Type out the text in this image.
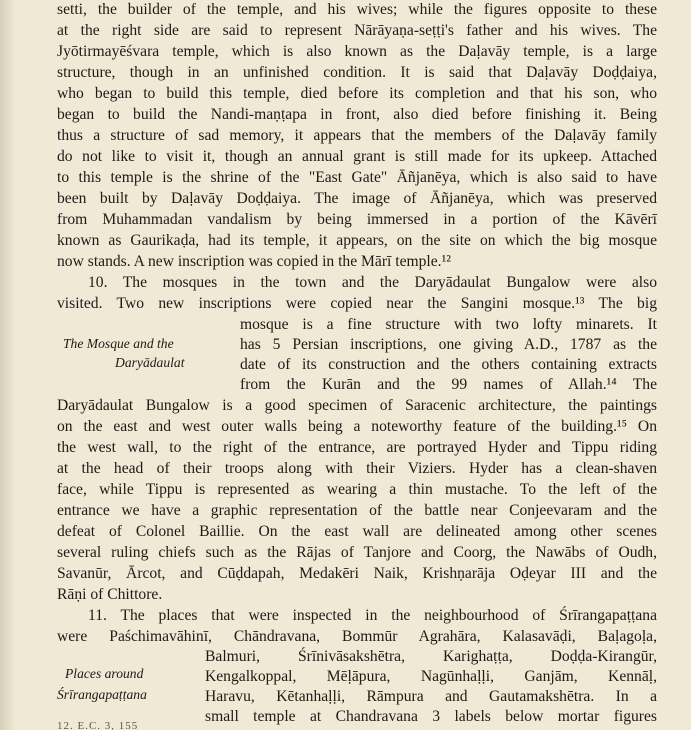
setti, the builder of the temple, and his wives; while the figures opposite to these
at the right side are said to represent Nārāyaṇa-seṭṭi's father and his wives. The
Jyōtirmayēśvara temple, which is also known as the Daḷavāy temple, is a large
structure, though in an unfinished condition. It is said that Daḷavāy Doḍḍaiya,
who began to build this temple, died before its completion and that his son, who
began to build the Nandi-maṇṭapa in front, also died before finishing it. Being
thus a structure of sad memory, it appears that the members of the Daḷavāy family
do not like to visit it, though an annual grant is still made for its upkeep. Attached
to this temple is the shrine of the "East Gate" Āñjanēya, which is also said to have
been built by Daḷavāy Doḍḍaiya. The image of Āñjanēya, which was preserved
from Muhammadan vandalism by being immersed in a portion of the Kāvērī
known as Gaurikaḍa, had its temple, it appears, on the site on which the big mosque
now stands. A new inscription was copied in the Mārī temple.¹²
10. The mosques in the town and the Daryādaulat Bungalow were also
visited. Two new inscriptions were copied near the Sangini mosque.¹³ The big
The Mosque and the
Daryādaulat
mosque is a fine structure with two lofty minarets. It
has 5 Persian inscriptions, one giving A.D., 1787 as the
date of its construction and the others containing extracts
from the Kurān and the 99 names of Allah.¹⁴ The
Daryādaulat Bungalow is a good specimen of Saracenic architecture, the paintings
on the east and west outer walls being a noteworthy feature of the building.¹⁵ On
the west wall, to the right of the entrance, are portrayed Hyder and Tippu riding
at the head of their troops along with their Viziers. Hyder has a clean-shaven
face, while Tippu is represented as wearing a thin mustache. To the left of the
entrance we have a graphic representation of the battle near Conjeevaram and the
defeat of Colonel Baillie. On the east wall are delineated among other scenes
several ruling chiefs such as the Rājas of Tanjore and Coorg, the Nawābs of Oudh,
Savanūr, Ārcot, and Cūḍdapah, Medakēri Naik, Krishṇarāja Oḍeyar III and the
Rāṇi of Chittore.
11. The places that were inspected in the neighbourhood of Śrīrangapaṭṭana
were Paśchimavāhinī, Chāndravana, Bommūr Agrahāra, Kalasavāḍi, Baḷagoḷa,
Places around
Śrīrangapaṭṭana
Balmuri, Śrīnivāsakshētra, Karighaṭṭa, Doḍḍa-Kirangūr,
Kengalkoppal, Mēḷāpura, Nagūnhaḷḷi, Ganjām, Kennāḷ,
Haravu, Kētanhaḷḷi, Rāmpura and Gautamakshētra. In a
small temple at Chandravana 3 labels below mortar figures
12. E.C. 3, 155
